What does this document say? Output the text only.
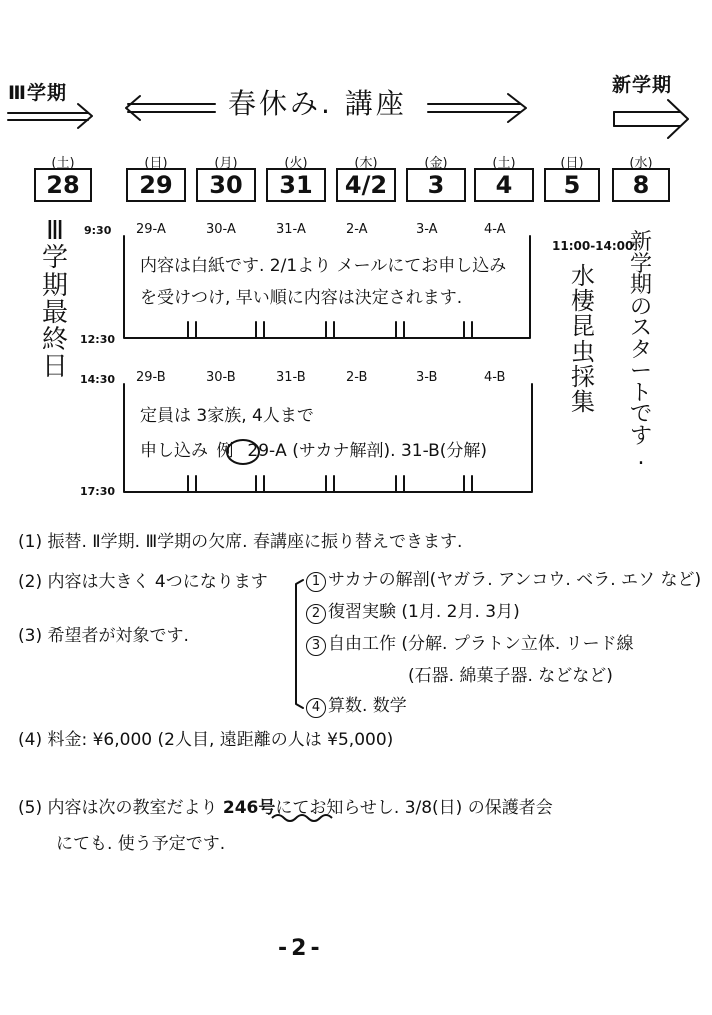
Ⅲ学期	春休み. 講座
新学期
(土)
28
(日)
29
(月)
30
(火)
31
(木)
4/2
(金)
3
(土)
4
(日)
5
(水)
8
9:30
12:30
14:30
17:30
29-A	30-A	31-A	2-A	3-A	4-A
内容は白紙です. 2/1より メールにてお申し込み
を受けつけ, 早い順に内容は決定されます.
29-B	30-B	31-B	2-B	3-B	4-B
定員は 3家族, 4人まで
申し込み 例 29-A (サカナ解剖). 31-B(分解)
Ⅲ
学
期
最
終
日
11:00-14:00
水
棲
昆
虫
採
集
新
学
期
の
ス
タ
ー
ト
で
す
.
(1) 振替. Ⅱ学期. Ⅲ学期の欠席. 春講座に振り替えできます.
(2) 内容は大きく 4つになります
(3) 希望者が対象です.
1 サカナの解剖(ヤガラ. アンコウ. ベラ. エソ など)
2 復習実験 (1月. 2月. 3月)
3 自由工作 (分解. プラトン立体. リード線
(石器. 綿菓子器. などなど)
4 算数. 数学
(4) 料金: ¥6,000 (2人目, 遠距離の人は ¥5,000)
(5) 内容は次の教室だより 246号にてお知らせし. 3/8(日) の保護者会
にても. 使う予定です.
-2-
